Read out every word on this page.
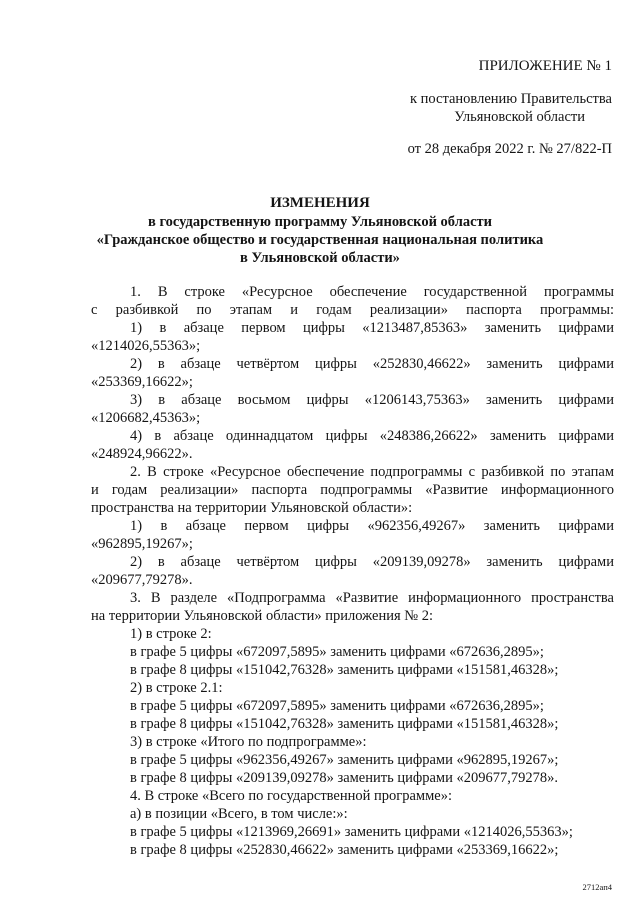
ПРИЛОЖЕНИЕ № 1
к постановлению Правительства
Ульяновской области
от 28 декабря 2022 г. № 27/822-П
ИЗМЕНЕНИЯ
в государственную программу Ульяновской области
«Гражданское общество и государственная национальная политика
в Ульяновской области»

1. В строке «Ресурсное обеспечение государственной программы

с разбивкой по этапам и годам реализации» паспорта программы:

1) в абзаце первом цифры «1213487,85363» заменить цифрами

«1214026,55363»;

2) в абзаце четвёртом цифры «252830,46622» заменить цифрами

«253369,16622»;

3) в абзаце восьмом цифры «1206143,75363» заменить цифрами

«1206682,45363»;

4) в абзаце одиннадцатом цифры «248386,26622» заменить цифрами

«248924,96622».

2. В строке «Ресурсное обеспечение подпрограммы с разбивкой по этапам

и годам реализации» паспорта подпрограммы «Развитие информационного

пространства на территории Ульяновской области»:

1) в абзаце первом цифры «962356,49267» заменить цифрами

«962895,19267»;

2) в абзаце четвёртом цифры «209139,09278» заменить цифрами

«209677,79278».

3. В разделе «Подпрограмма «Развитие информационного пространства

на территории Ульяновской области» приложения № 2:

1) в строке 2:

в графе 5 цифры «672097,5895» заменить цифрами «672636,2895»;

в графе 8 цифры «151042,76328» заменить цифрами «151581,46328»;

2) в строке 2.1:

в графе 5 цифры «672097,5895» заменить цифрами «672636,2895»;

в графе 8 цифры «151042,76328» заменить цифрами «151581,46328»;

3) в строке «Итого по подпрограмме»:

в графе 5 цифры «962356,49267» заменить цифрами «962895,19267»;

в графе 8 цифры «209139,09278» заменить цифрами «209677,79278».

4. В строке «Всего по государственной программе»:

а) в позиции «Всего, в том числе:»:

в графе 5 цифры «1213969,26691» заменить цифрами «1214026,55363»;

в графе 8 цифры «252830,46622» заменить цифрами «253369,16622»;

2712ап4
